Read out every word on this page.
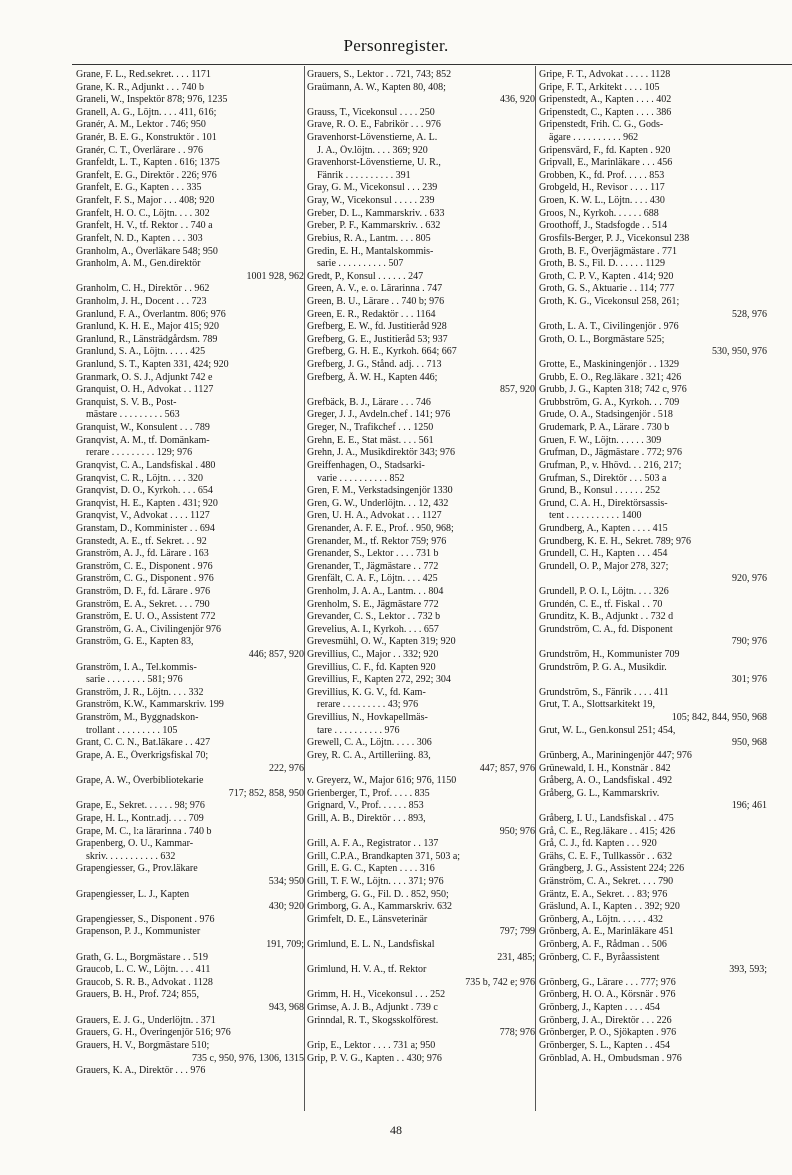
Personregister.
Grane, F. L., Red.sekret. . . . 1171
Grane, K. R., Adjunkt . . . 740 b
Graneli, W., Inspektör 878; 976, 1235
Granell, A. G., Löjtn. . . . 411, 616;
Granér, A. M., Lektor . 746; 950
Granér, B. E. G., Konstruktör . 101
Granér, C. T., Överlärare . . 976
Granfeldt, L. T., Kapten . 616; 1375
Granfelt, E. G., Direktör . 226; 976
Granfelt, E. G., Kapten . . . 335
Granfelt, F. S., Major . . . 408; 920
Granfelt, H. O. C., Löjtn. . . . 302
Granfelt, H. V., tf. Rektor . . 740 a
Granfelt, N. D., Kapten . . . 303
Granholm, A., Överläkare 548; 950
Granholm, A. M., Gen.direktör
1001 928, 962
Granholm, C. H., Direktör . . 962
Granholm, J. H., Docent . . . 723
Granlund, F. A., Överlantm. 806; 976
Granlund, K. H. E., Major 415; 920
Granlund, R., Länsträdgårdsm. 789
Granlund, S. A., Löjtn. . . . . 425
Granlund, S. T., Kapten 331, 424; 920
Granmark, O. S. J., Adjunkt 742 e
Granquist, O. H., Advokat . . 1127
Granquist, S. V. B., Post-
mästare . . . . . . . . . 563
Granquist, W., Konsulent . . . 789
Granqvist, A. M., tf. Domänkam-
rerare . . . . . . . . . 129; 976
Granqvist, C. A., Landsfiskal . 480
Granqvist, C. R., Löjtn. . . . 320
Granqvist, D. O., Kyrkoh. . . . 654
Granqvist, H. E., Kapten . 431; 920
Granqvist, V., Advokat . . . . 1127
Granstam, D., Komminister . . 694
Granstedt, A. E., tf. Sekret. . . 92
Granström, A. J., fd. Lärare . 163
Granström, C. E., Disponent . 976
Granström, C. G., Disponent . 976
Granström, D. F., fd. Lärare . 976
Granström, E. A., Sekret. . . . 790
Granström, E. U. O., Assistent 772
Granström, G. A., Civilingenjör 976
Granström, G. E., Kapten 83,
446; 857, 920
Granström, I. A., Tel.kommis-
sarie . . . . . . . . 581; 976
Granström, J. R., Löjtn. . . . 332
Granström, K.W., Kammarskriv. 199
Granström, M., Byggnadskon-
trollant . . . . . . . . . 105
Grant, C. C. N., Bat.läkare . . 427
Grape, A. E., Överkrigsfiskal 70;
222, 976
Grape, A. W., Överbibliotekarie
717; 852, 858, 950
Grape, E., Sekret. . . . . . 98; 976
Grape, H. L., Kontr.adj. . . . 709
Grape, M. C., l:a lärarinna . 740 b
Grapenberg, O. U., Kammar-
skriv. . . . . . . . . . . 632
Grapengiesser, G., Prov.läkare
534; 950
Grapengiesser, L. J., Kapten
430; 920
Grapengiesser, S., Disponent . 976
Grapenson, P. J., Kommunister
191, 709;
Grath, G. L., Borgmästare . . 519
Graucob, L. C. W., Löjtn. . . . 411
Graucob, S. R. B., Advokat . 1128
Grauers, B. H., Prof. 724; 855,
943, 968
Grauers, E. J. G., Underlöjtn. . 371
Grauers, G. H., Överingenjör 516; 976
Grauers, H. V., Borgmästare 510;
735 c, 950, 976, 1306, 1315
Grauers, K. A., Direktör . . . 976
Grauers, S., Lektor . . 721, 743; 852
Graümann, A. W., Kapten 80, 408;
436, 920
Grauss, T., Vicekonsul . . . . 250
Grave, R. O. E., Fabrikör . . . 976
Gravenhorst-Lövenstierne, A. L.
J. A., Öv.löjtn. . . . 369; 920
Gravenhorst-Lövenstierne, U. R.,
Fänrik . . . . . . . . . . 391
Gray, G. M., Vicekonsul . . . 239
Gray, W., Vicekonsul . . . . . 239
Greber, D. L., Kammarskriv. . 633
Greber, P. F., Kammarskriv. . 632
Grebius, R. A., Lantm. . . . 805
Gredin, E. H., Mantalskommis-
sarie . . . . . . . . . . 507
Gredt, P., Konsul . . . . . . 247
Green, A. V., e. o. Lärarinna . 747
Green, B. U., Lärare . . 740 b; 976
Green, E. R., Redaktör . . . 1164
Grefberg, E. W., fd. Justitieråd 928
Grefberg, G. E., Justitieråd 53; 937
Grefberg, G. H. E., Kyrkoh. 664; 667
Grefberg, J. G., Stånd. adj. . . 713
Grefberg, Å. W. H., Kapten 446;
857, 920
Grefbäck, B. J., Lärare . . . 746
Greger, J. J., Avdeln.chef . 141; 976
Greger, N., Trafikchef . . . 1250
Grehn, E. E., Stat mäst. . . . 561
Grehn, J. A., Musikdirektör 343; 976
Greiffenhagen, O., Stadsarki-
varie . . . . . . . . . . 852
Gren, F. M., Verkstadsingenjör 1330
Gren, G. W., Underlöjtn. . . 12, 432
Gren, U. H. A., Advokat . . . 1127
Grenander, A. F. E., Prof. . 950, 968;
Grenander, M., tf. Rektor 759; 976
Grenander, S., Lektor . . . . 731 b
Grenander, T., Jägmästare . . 772
Grenfält, C. A. F., Löjtn. . . . 425
Grenholm, J. A. A., Lantm. . . 804
Grenholm, S. E., Jägmästare 772
Grevander, C. S., Lektor . . 732 b
Grevelius, A. I., Kyrkoh. . . . 657
Grevesmühl, O. W., Kapten 319; 920
Grevillius, C., Major . . 332; 920
Grevillius, C. F., fd. Kapten 920
Grevillius, F., Kapten 272, 292; 304
Grevillius, K. G. V., fd. Kam-
rerare . . . . . . . . . 43; 976
Grevillius, N., Hovkapellmäs-
tare . . . . . . . . . . 976
Grewell, C. A., Löjtn. . . . . 306
Grey, R. C. A., Artilleriing. 83,
447; 857, 976
v. Greyerz, W., Major 616; 976, 1150
Grienberger, T., Prof. . . . . 835
Grignard, V., Prof. . . . . . 853
Grill, A. B., Direktör . . . 893,
950; 976
Grill, A. F. A., Registrator . . 137
Grill, C.P.A., Brandkapten 371, 503 a;
Grill, E. G. C., Kapten . . . . 316
Grill, T. F. W., Löjtn. . . . 371; 976
Grimberg, G. G., Fil. D. . 852, 950;
Grimborg, G. A., Kammarskriv. 632
Grimfelt, D. E., Länsveterinär
797; 799
Grimlund, E. L. N., Landsfiskal
231, 485;
Grimlund, H. V. A., tf. Rektor
735 b, 742 e; 976
Grimm, H. H., Vicekonsul . . . 252
Grimse, A. J. B., Adjunkt . 739 c
Grinndal, R. T., Skogsskolförest.
778; 976
Grip, E., Lektor . . . . 731 a; 950
Grip, P. V. G., Kapten . . 430; 976
Gripe, F. T., Advokat . . . . . 1128
Gripe, F. T., Arkitekt . . . . 105
Gripenstedt, A., Kapten . . . . 402
Gripenstedt, C., Kapten . . . . 386
Gripenstedt, Frih. C. G., Gods-
ägare . . . . . . . . . . 962
Gripensvärd, F., fd. Kapten . 920
Gripvall, E., Marinläkare . . . 456
Grobben, K., fd. Prof. . . . . 853
Grobgeld, H., Revisor . . . . 117
Groen, K. W. L., Löjtn. . . . 430
Groos, N., Kyrkoh. . . . . . 688
Groothoff, J., Stadsfogde . . 514
Grosfils-Berger, P. J., Vicekonsul 238
Groth, B. F., Överjägmästare . 771
Groth, B. S., Fil. D. . . . . . 1129
Groth, C. P. V., Kapten . 414; 920
Groth, G. S., Aktuarie . . 114; 777
Groth, K. G., Vicekonsul 258, 261;
528, 976
Groth, L. A. T., Civilingenjör . 976
Groth, O. L., Borgmästare 525;
530, 950, 976
Grotte, E., Maskiningenjör . . 1329
Grubb, E. O., Reg.läkare . 321; 426
Grubb, J. G., Kapten 318; 742 c, 976
Grubbström, G. A., Kyrkoh. . . 709
Grude, O. A., Stadsingenjör . 518
Grudemark, P. A., Lärare . 730 b
Gruen, F. W., Löjtn. . . . . . 309
Grufman, D., Jägmästare . 772; 976
Grufman, P., v. Hhövd. . . 216, 217;
Grufman, S., Direktör . . . 503 a
Grund, B., Konsul . . . . . . 252
Grund, C. A. H., Direktörsassis-
tent . . . . . . . . . . . 1400
Grundberg, A., Kapten . . . . 415
Grundberg, K. E. H., Sekret. 789; 976
Grundell, C. H., Kapten . . . 454
Grundell, O. P., Major 278, 327;
920, 976
Grundell, P. O. I., Löjtn. . . . 326
Grundén, C. E., tf. Fiskal . . 70
Grunditz, K. B., Adjunkt . . 732 d
Grundström, C. A., fd. Disponent
790; 976
Grundström, H., Kommunister 709
Grundström, P. G. A., Musikdir.
301; 976
Grundström, S., Fänrik . . . . 411
Grut, T. A., Slottsarkitekt 19,
105; 842, 844, 950, 968
Grut, W. L., Gen.konsul 251; 454,
950, 968
Grünberg, A., Mariningenjör 447; 976
Grünewald, I. H., Konstnär . 842
Gråberg, A. O., Landsfiskal . 492
Gråberg, G. L., Kammarskriv.
196; 461
Gråberg, I. U., Landsfiskal . . 475
Grå, C. E., Reg.läkare . . 415; 426
Grå, C. J., fd. Kapten . . . 920
Grähs, C. E. F., Tullkassör . . 632
Grängberg, J. G., Assistent 224; 226
Gränström, C. A., Sekret. . . . 790
Gräntz, E. A., Sekret. . . 83; 976
Gräslund, A. I., Kapten . . 392; 920
Grönberg, A., Löjtn. . . . . . 432
Grönberg, A. E., Marinläkare 451
Grönberg, A. F., Rådman . . 506
Grönberg, C. F., Byråassistent
393, 593;
Grönberg, G., Lärare . . . 777; 976
Grönberg, H. O. A., Körsnär . 976
Grönberg, J., Kapten . . . . 454
Grönberg, J. A., Direktör . . . 226
Grönberger, P. O., Sjökapten . 976
Grönberger, S. L., Kapten . . 454
Grönblad, A. H., Ombudsman . 976
48
